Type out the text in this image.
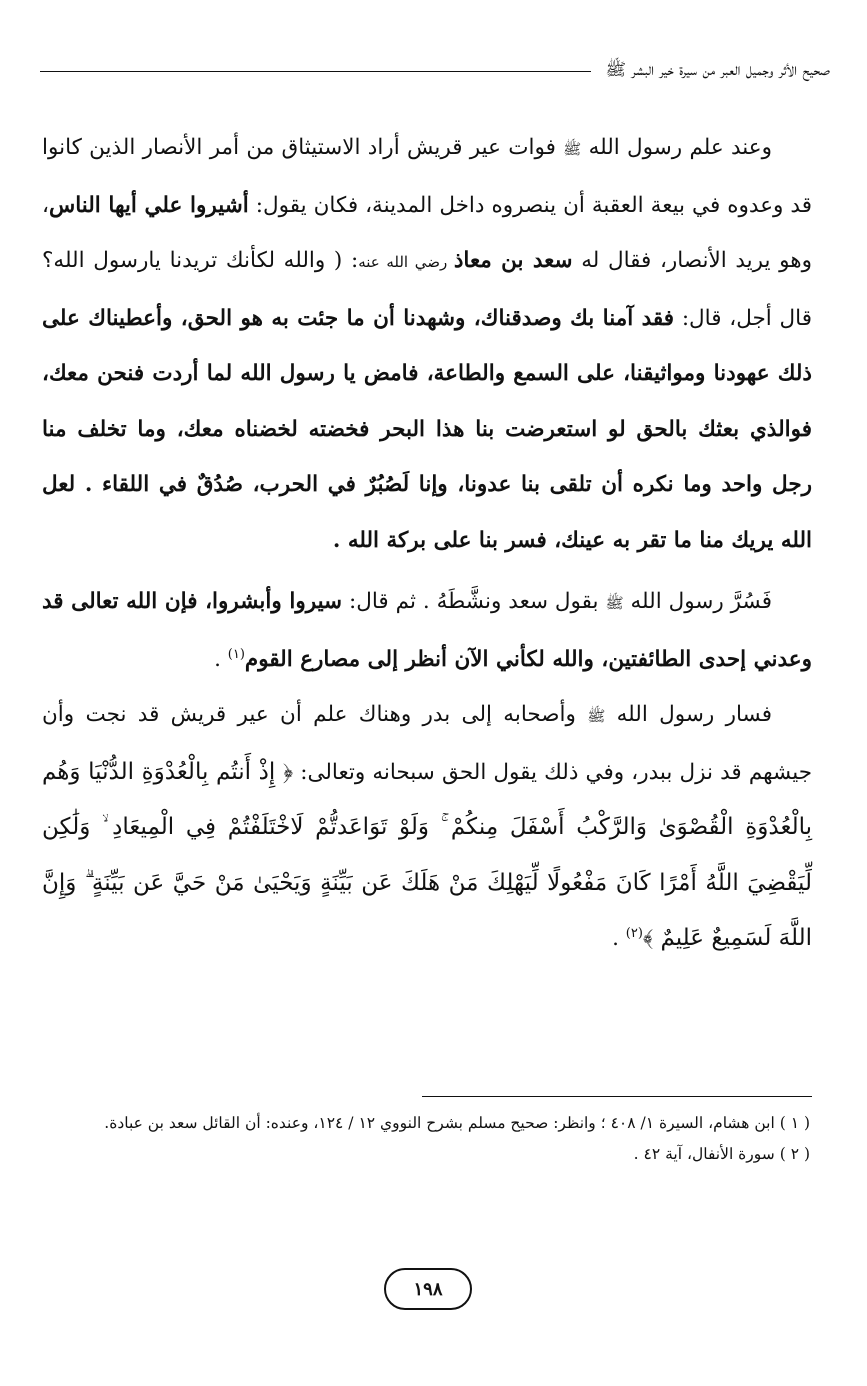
صحيح الأثر وجميل العبر من سيرة خير البشر ﷺ

وعند علم رسول الله ﷺ فوات عير قريش أراد الاستيثاق من أمر الأنصار الذين كانوا قد وعدوه في بيعة العقبة أن ينصروه داخل المدينة، فكان يقول: أشيروا علي أيها الناس، وهو يريد الأنصار، فقال له سعد بن معاذ رضي الله عنه: ( والله لكأنك تريدنا يارسول الله؟ قال أجل، قال: فقد آمنا بك وصدقناك، وشهدنا أن ما جئت به هو الحق، وأعطيناك على ذلك عهودنا ومواثيقنا، على السمع والطاعة، فامض يا رسول الله لما أردت فنحن معك، فوالذي بعثك بالحق لو استعرضت بنا هذا البحر فخضته لخضناه معك، وما تخلف منا رجل واحد وما نكره أن تلقى بنا عدونا، وإنا لَصُبُرٌ في الحرب، صُدُقٌ في اللقاء . لعل الله يريك منا ما تقر به عينك، فسر بنا على بركة الله .

فَسُرَّ رسول الله ﷺ بقول سعد ونشَّطَهُ . ثم قال: سيروا وأبشروا، فإن الله تعالى قد وعدني إحدى الطائفتين، والله لكأني الآن أنظر إلى مصارع القوم$^{(١)}$ .

فسار رسول الله ﷺ وأصحابه إلى بدر وهناك علم أن عير قريش قد نجت وأن جيشهم قد نزل ببدر، وفي ذلك يقول الحق سبحانه وتعالى: ﴿ إِذْ أَنتُم بِالْعُدْوَةِ الدُّنْيَا وَهُم بِالْعُدْوَةِ الْقُصْوَىٰ وَالرَّكْبُ أَسْفَلَ مِنكُمْ ۚ وَلَوْ تَوَاعَدتُّمْ لَاخْتَلَفْتُمْ فِي الْمِيعَادِ ۙ وَلَٰكِن لِّيَقْضِيَ اللَّهُ أَمْرًا كَانَ مَفْعُولًا لِّيَهْلِكَ مَنْ هَلَكَ عَن بَيِّنَةٍ وَيَحْيَىٰ مَنْ حَيَّ عَن بَيِّنَةٍ ۗ وَإِنَّ اللَّهَ لَسَمِيعٌ عَلِيمٌ ﴾$^{(٢)}$ .

( ١ ) ابن هشام، السيرة ١/ ٤٠٨ ؛ وانظر: صحيح مسلم بشرح النووي ١٢ / ١٢٤، وعنده: أن القائل سعد بن عبادة.

( ٢ ) سورة الأنفال، آية ٤٢ .

١٩٨
